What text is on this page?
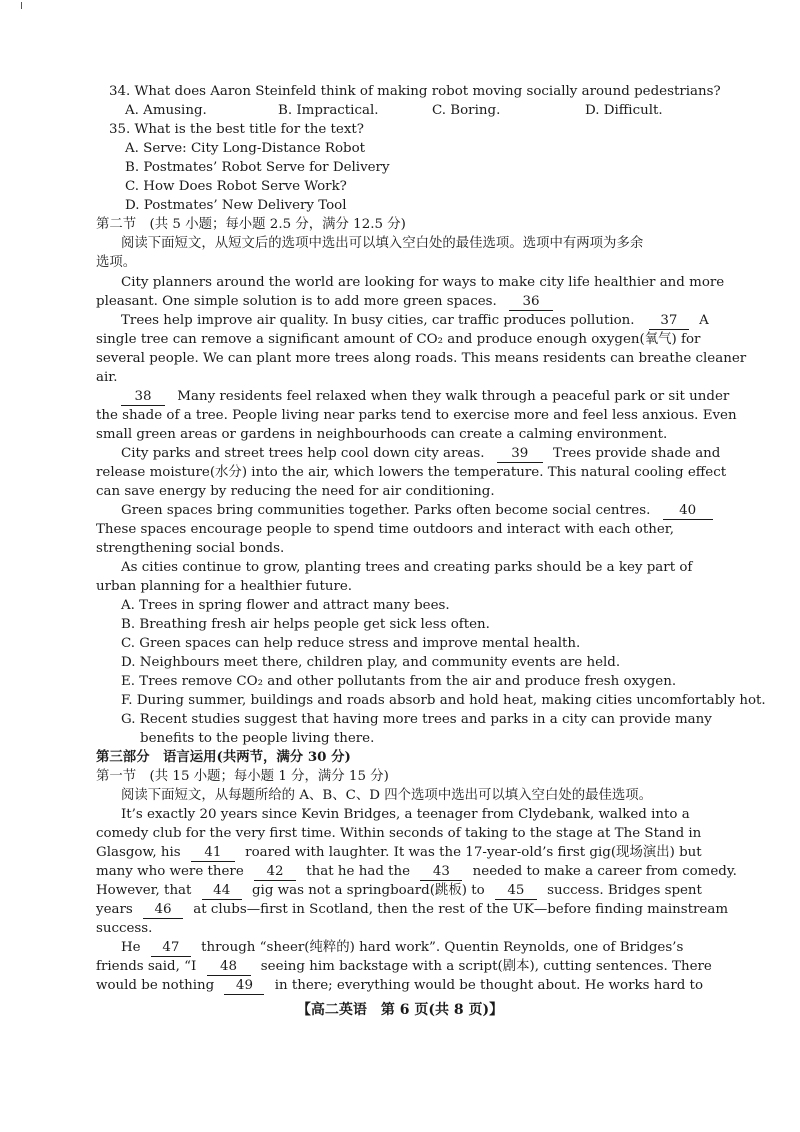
34. What does Aaron Steinfeld think of making robot moving socially around pedestrians?
A. Amusing.	B. Impractical.	C. Boring.	D. Difficult.
35. What is the best title for the text?
A. Serve: City Long-Distance Robot
B. Postmates’ Robot Serve for Delivery
C. How Does Robot Serve Work?
D. Postmates’ New Delivery Tool
第二节　(共 5 小题；每小题 2.5 分，满分 12.5 分)
阅读下面短文，从短文后的选项中选出可以填入空白处的最佳选项。选项中有两项为多余
选项。
City planners around the world are looking for ways to make city life healthier and more
pleasant. One simple solution is to add more green spaces. 36
Trees help improve air quality. In busy cities, car traffic produces pollution. 37 A
single tree can remove a significant amount of CO₂ and produce enough oxygen(氧气) for
several people. We can plant more trees along roads. This means residents can breathe cleaner
air.
38 Many residents feel relaxed when they walk through a peaceful park or sit under
the shade of a tree. People living near parks tend to exercise more and feel less anxious. Even
small green areas or gardens in neighbourhoods can create a calming environment.
City parks and street trees help cool down city areas. 39 Trees provide shade and
release moisture(水分) into the air, which lowers the temperature. This natural cooling effect
can save energy by reducing the need for air conditioning.
Green spaces bring communities together. Parks often become social centres. 40
These spaces encourage people to spend time outdoors and interact with each other,
strengthening social bonds.
As cities continue to grow, planting trees and creating parks should be a key part of
urban planning for a healthier future.
A. Trees in spring flower and attract many bees.
B. Breathing fresh air helps people get sick less often.
C. Green spaces can help reduce stress and improve mental health.
D. Neighbours meet there, children play, and community events are held.
E. Trees remove CO₂ and other pollutants from the air and produce fresh oxygen.
F. During summer, buildings and roads absorb and hold heat, making cities uncomfortably hot.
G. Recent studies suggest that having more trees and parks in a city can provide many
benefits to the people living there.
第三部分　语言运用(共两节，满分 30 分)
第一节　(共 15 小题；每小题 1 分，满分 15 分)
阅读下面短文，从每题所给的 A、B、C、D 四个选项中选出可以填入空白处的最佳选项。
It’s exactly 20 years since Kevin Bridges, a teenager from Clydebank, walked into a
comedy club for the very first time. Within seconds of taking to the stage at The Stand in
Glasgow, his 41 roared with laughter. It was the 17-year-old’s first gig(现场演出) but
many who were there 42 that he had the 43 needed to make a career from comedy.
However, that 44 gig was not a springboard(跳板) to 45 success. Bridges spent
years 46 at clubs—first in Scotland, then the rest of the UK—before finding mainstream
success.
He 47 through “sheer(纯粹的) hard work”. Quentin Reynolds, one of Bridges’s
friends said, “I 48 seeing him backstage with a script(剧本), cutting sentences. There
would be nothing 49 in there; everything would be thought about. He works hard to
【高二英语　第 6 页(共 8 页)】
